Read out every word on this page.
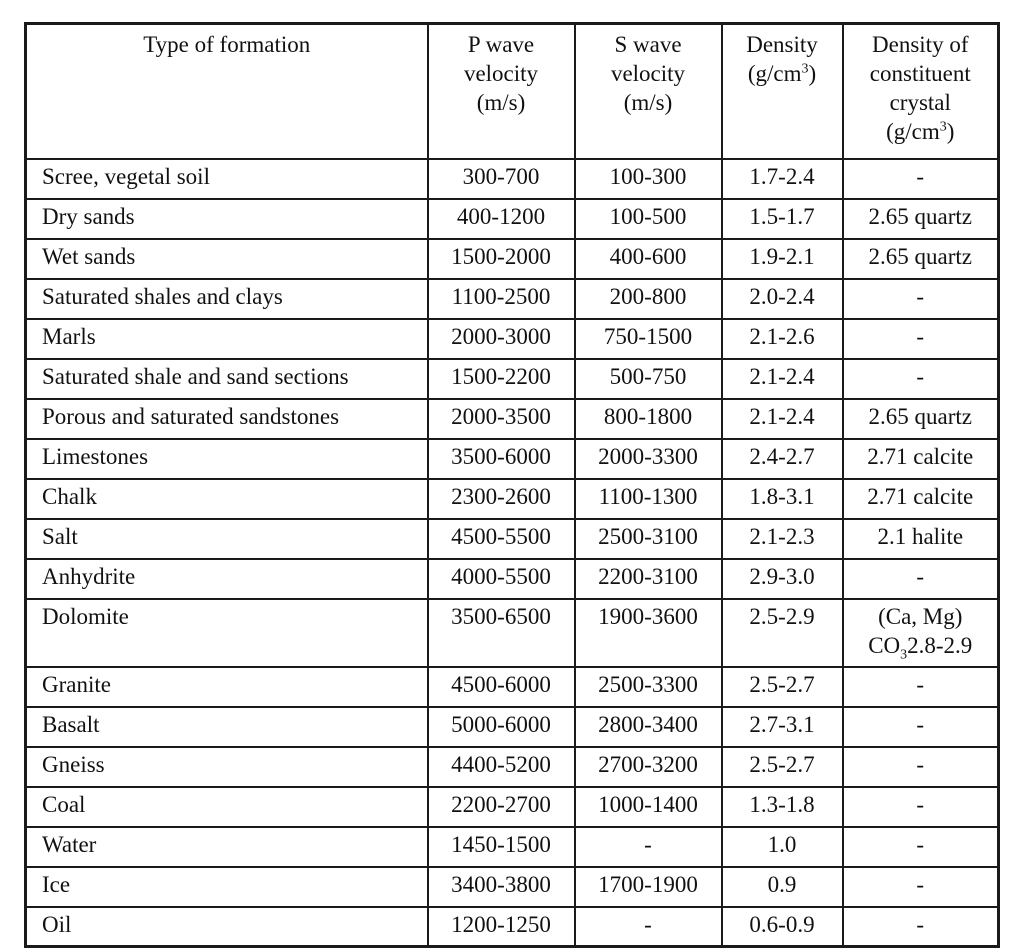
Type of formation	P wave
velocity
(m/s)	S wave
velocity
(m/s)	Density
$(g/cm^3)$	Density of
constituent
crystal
$(g/cm^3)$

Scree, vegetal soil	300-700	100-300	1.7-2.4	-
Dry sands	400-1200	100-500	1.5-1.7	2.65 quartz
Wet sands	1500-2000	400-600	1.9-2.1	2.65 quartz
Saturated shales and clays	1100-2500	200-800	2.0-2.4	-
Marls	2000-3000	750-1500	2.1-2.6	-
Saturated shale and sand sections	1500-2200	500-750	2.1-2.4	-
Porous and saturated sandstones	2000-3500	800-1800	2.1-2.4	2.65 quartz
Limestones	3500-6000	2000-3300	2.4-2.7	2.71 calcite
Chalk	2300-2600	1100-1300	1.8-3.1	2.71 calcite
Salt	4500-5500	2500-3100	2.1-2.3	2.1 halite
Anhydrite	4000-5500	2200-3100	2.9-3.0	-
Dolomite	3500-6500	1900-3600	2.5-2.9	(Ca, Mg)
$CO_32.8-2.9$

Granite	4500-6000	2500-3300	2.5-2.7	-
Basalt	5000-6000	2800-3400	2.7-3.1	-
Gneiss	4400-5200	2700-3200	2.5-2.7	-
Coal	2200-2700	1000-1400	1.3-1.8	-
Water	1450-1500	-	1.0	-
Ice	3400-3800	1700-1900	0.9	-
Oil	1200-1250	-	0.6-0.9	-
